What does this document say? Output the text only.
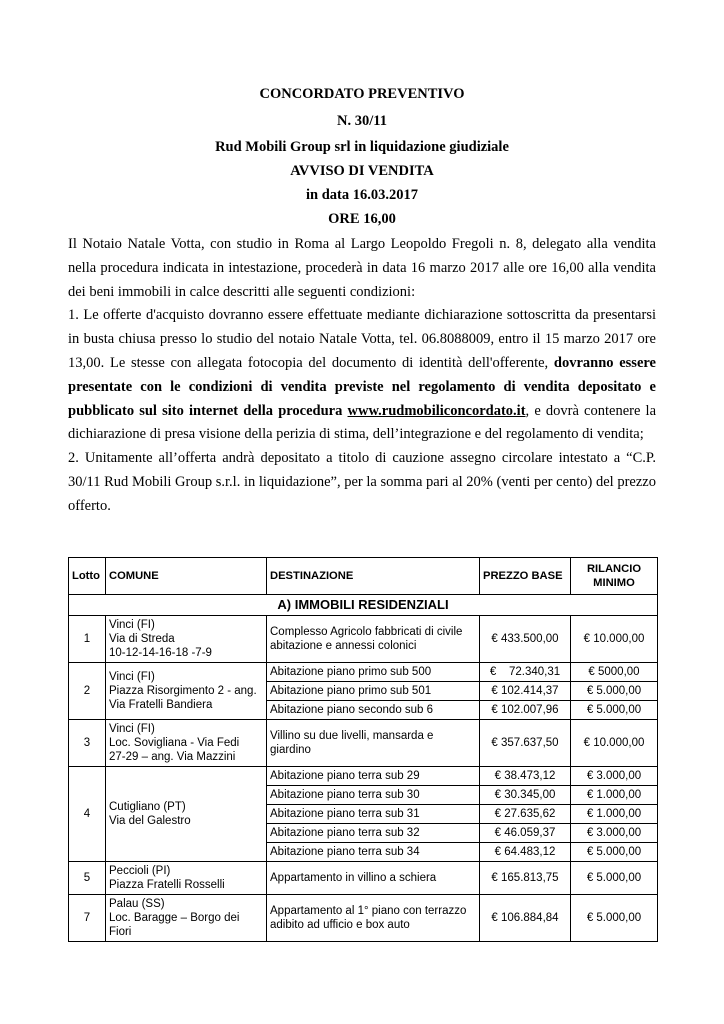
CONCORDATO PREVENTIVO
N. 30/11
Rud Mobili Group srl in liquidazione giudiziale
AVVISO DI VENDITA
in data 16.03.2017
ORE 16,00

Il Notaio Natale Votta, con studio in Roma al Largo Leopoldo Fregoli n. 8, delegato alla vendita nella procedura indicata in intestazione, procederà in data 16 marzo 2017 alle ore 16,00 alla vendita dei beni immobili in calce descritti alle seguenti condizioni:

1. Le offerte d'acquisto dovranno essere effettuate mediante dichiarazione sottoscritta da presentarsi in busta chiusa presso lo studio del notaio Natale Votta, tel. 06.8088009, entro il 15 marzo 2017 ore 13,00. Le stesse con allegata fotocopia del documento di identità dell'offerente, dovranno essere presentate con le condizioni di vendita previste nel regolamento di vendita depositato e pubblicato sul sito internet della procedura www.rudmobiliconcordato.it, e dovrà contenere la dichiarazione di presa visione della perizia di stima, dell’integrazione e del regolamento di vendita;

2. Unitamente all’offerta andrà depositato a titolo di cauzione assegno circolare intestato a “C.P. 30/11 Rud Mobili Group s.r.l. in liquidazione”, per la somma pari al 20% (venti per cento) del prezzo offerto.

Lotto	COMUNE	DESTINAZIONE	PREZZO BASE	RILANCIO MINIMO
A) IMMOBILI RESIDENZIALI				
1	Vinci (FI)
Via di Streda
10-12-14-16-18 -7-9	Complesso Agricolo fabbricati di civile abitazione e annessi colonici	€ 433.500,00	€ 10.000,00
2	Vinci (FI)
Piazza Risorgimento 2 - ang.
Via Fratelli Bandiera	Abitazione piano primo sub 500	€    72.340,31	€ 5000,00
		Abitazione piano primo sub 501	€ 102.414,37	€ 5.000,00
		Abitazione piano secondo sub 6	€ 102.007,96	€ 5.000,00
3	Vinci (FI)
Loc. Sovigliana - Via Fedi
27-29 – ang. Via Mazzini	Villino su due livelli, mansarda e giardino	€ 357.637,50	€ 10.000,00
4	Cutigliano (PT)
Via del Galestro	Abitazione piano terra sub 29	€ 38.473,12	€ 3.000,00
		Abitazione piano terra sub 30	€ 30.345,00	€ 1.000,00
		Abitazione piano terra sub 31	€ 27.635,62	€ 1.000,00
		Abitazione piano terra sub 32	€ 46.059,37	€ 3.000,00
		Abitazione piano terra sub 34	€ 64.483,12	€ 5.000,00
5	Peccioli (PI)
Piazza Fratelli Rosselli	Appartamento in villino a schiera	€ 165.813,75	€ 5.000,00
7	Palau (SS)
Loc. Baragge – Borgo dei Fiori	Appartamento al 1° piano con terrazzo adibito ad ufficio e box auto	€ 106.884,84	€ 5.000,00
